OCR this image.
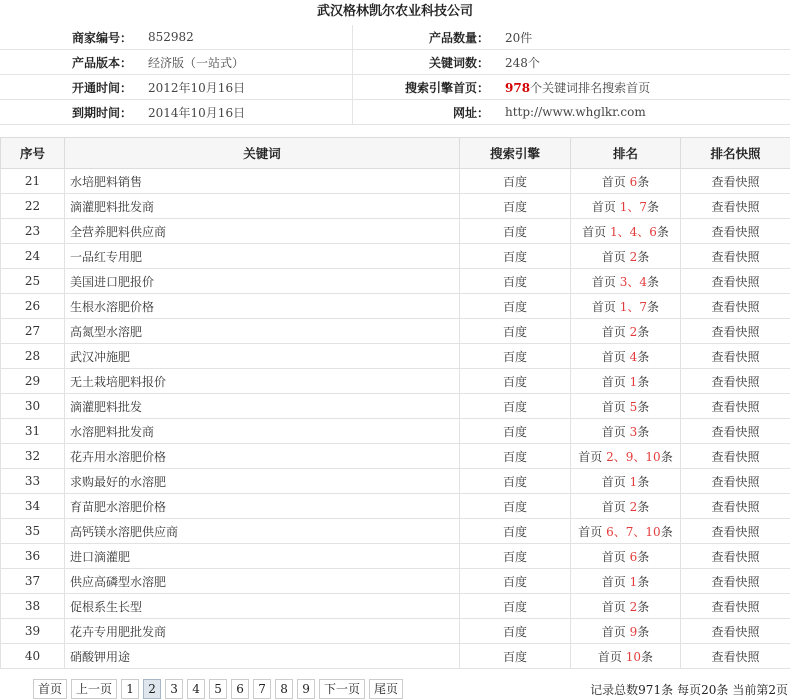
武汉格林凯尔农业科技公司
商家编号：	852982	产品数量：	20件
产品版本：	经济版（一站式）	关键词数：	248个
开通时间：	2012年10月16日	搜索引擎首页：	978个关键词排名搜索首页
到期时间：	2014年10月16日	网址：	http://www.whglkr.com
序号	关键词	搜索引擎	排名	排名快照
21	水培肥料销售	百度	首页 6条	查看快照
22	滴灌肥料批发商	百度	首页 1、7条	查看快照
23	全营养肥料供应商	百度	首页 1、4、6条	查看快照
24	一品红专用肥	百度	首页 2条	查看快照
25	美国进口肥报价	百度	首页 3、4条	查看快照
26	生根水溶肥价格	百度	首页 1、7条	查看快照
27	高氮型水溶肥	百度	首页 2条	查看快照
28	武汉冲施肥	百度	首页 4条	查看快照
29	无土栽培肥料报价	百度	首页 1条	查看快照
30	滴灌肥料批发	百度	首页 5条	查看快照
31	水溶肥料批发商	百度	首页 3条	查看快照
32	花卉用水溶肥价格	百度	首页 2、9、10条	查看快照
33	求购最好的水溶肥	百度	首页 1条	查看快照
34	育苗肥水溶肥价格	百度	首页 2条	查看快照
35	高钙镁水溶肥供应商	百度	首页 6、7、10条	查看快照
36	进口滴灌肥	百度	首页 6条	查看快照
37	供应高磷型水溶肥	百度	首页 1条	查看快照
38	促根系生长型	百度	首页 2条	查看快照
39	花卉专用肥批发商	百度	首页 9条	查看快照
40	硝酸钾用途	百度	首页 10条	查看快照
首页	上一页	1	2	3	4	5	6	7	8	9	下一页	尾页	记录总数971条 每页20条 当前第2页
